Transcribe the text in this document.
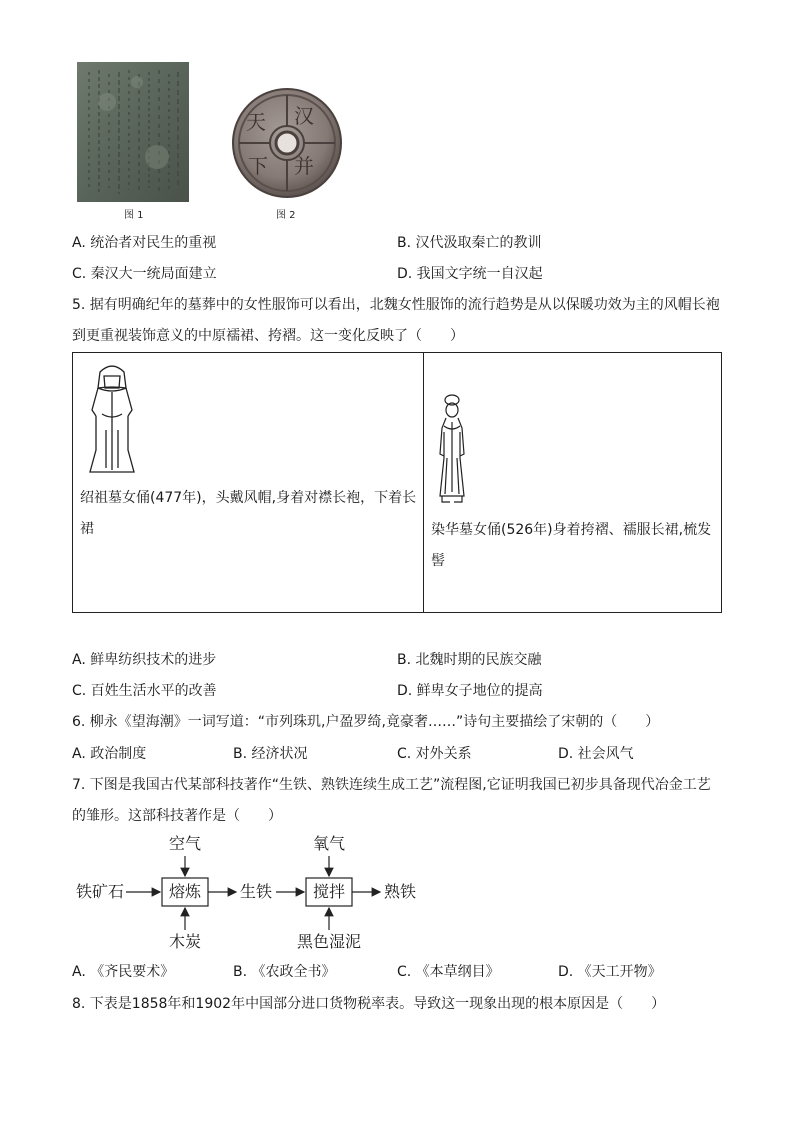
图 1
汉
并
天
下
图 2
A. 统治者对民生的重视	B. 汉代汲取秦亡的教训
C. 秦汉大一统局面建立	D. 我国文字统一自汉起
5. 据有明确纪年的墓葬中的女性服饰可以看出，北魏女性服饰的流行趋势是从以保暖功效为主的风帽长袍
到更重视装饰意义的中原襦裙、挎褶。这一变化反映了（　　）
绍祖墓女俑(477年)，头戴风帽,身着对襟长袍，下着长
裙	染华墓女俑(526年)身着挎褶、襦服长裙,梳发
髻
A. 鲜卑纺织技术的进步	B. 北魏时期的民族交融
C. 百姓生活水平的改善	D. 鲜卑女子地位的提高
6. 柳永《望海潮》一词写道：“市列珠玑,户盈罗绮,竟豪奢……”诗句主要描绘了宋朝的（　　）
A. 政治制度	B. 经济状况	C. 对外关系	D. 社会风气
7. 下图是我国古代某部科技著作“生铁、熟铁连续生成工艺”流程图,它证明我国已初步具备现代冶金工艺
的雏形。这部科技著作是（　　）
空气	氧气
铁矿石	熔炼 生铁	搅拌 熟铁
木炭	黑色湿泥
A. 《齐民要术》	B. 《农政全书》	C. 《本草纲目》	D. 《天工开物》
8. 下表是1858年和1902年中国部分进口货物税率表。导致这一现象出现的根本原因是（　　）
